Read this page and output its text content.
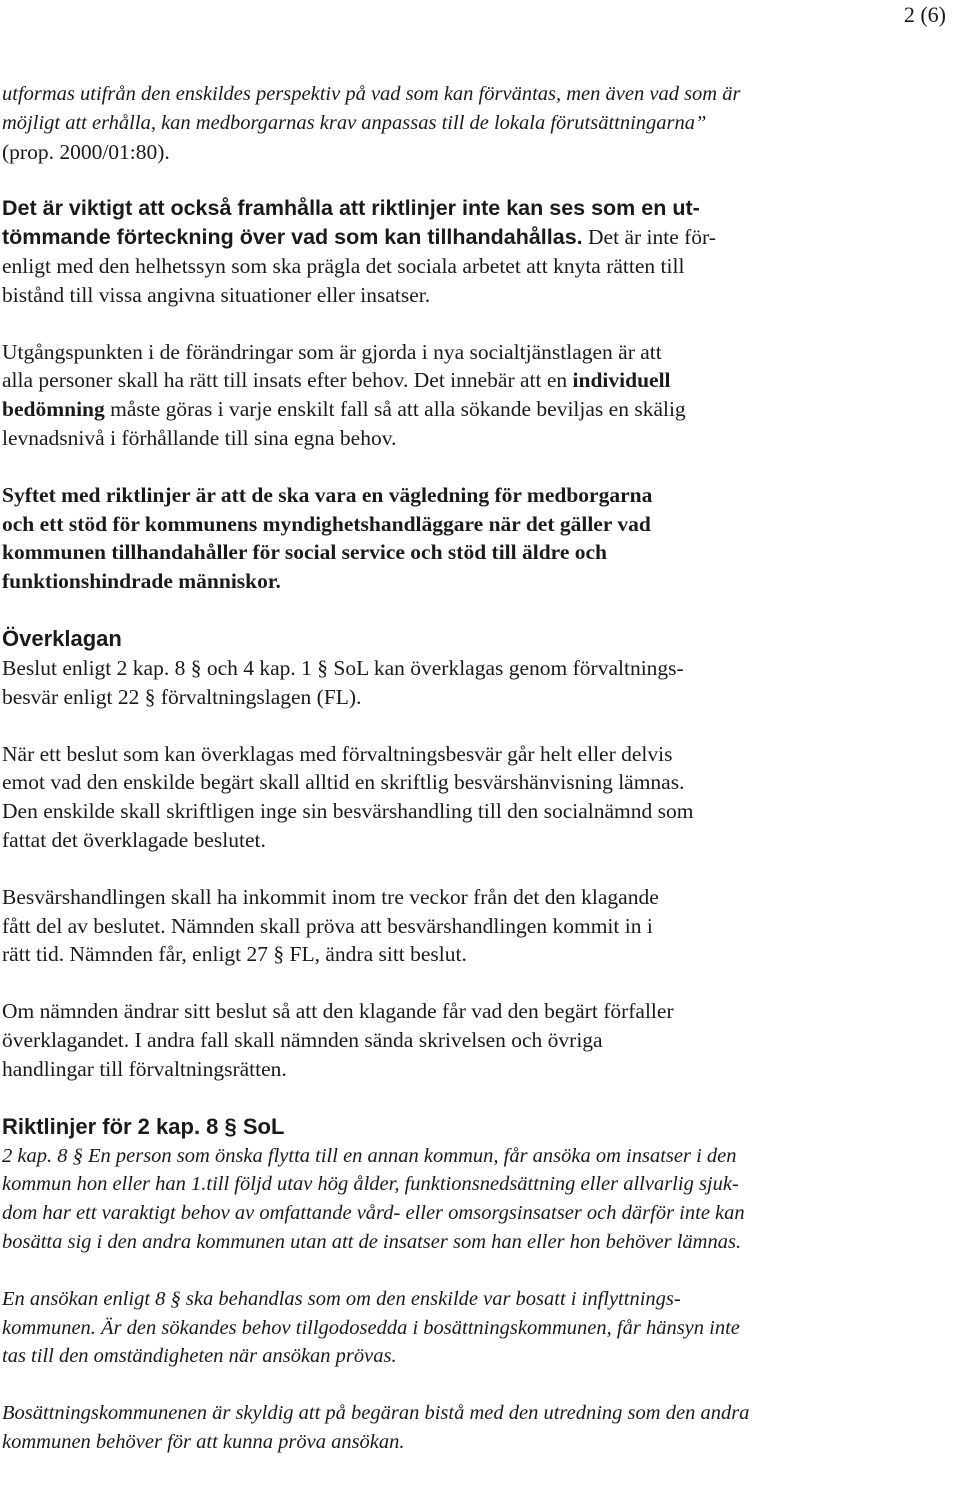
2 (6)
utformas utifrån den enskildes perspektiv på vad som kan förväntas, men även vad som är
möjligt att erhålla, kan medborgarnas krav anpassas till de lokala förutsättningarna”
(prop. 2000/01:80).
Det är viktigt att också framhålla att riktlinjer inte kan ses som en ut-
tömmande förteckning över vad som kan tillhandahållas. Det är inte för-
enligt med den helhetssyn som ska prägla det sociala arbetet att knyta rätten till
bistånd till vissa angivna situationer eller insatser.
Utgångspunkten i de förändringar som är gjorda i nya socialtjänstlagen är att
alla personer skall ha rätt till insats efter behov. Det innebär att en individuell
bedömning måste göras i varje enskilt fall så att alla sökande beviljas en skälig
levnadsnivå i förhållande till sina egna behov.
Syftet med riktlinjer är att de ska vara en vägledning för medborgarna
och ett stöd för kommunens myndighetshandläggare när det gäller vad
kommunen tillhandahåller för social service och stöd till äldre och
funktionshindrade människor.
Överklagan
Beslut enligt 2 kap. 8 § och 4 kap. 1 § SoL kan överklagas genom förvaltnings-
besvär enligt 22 § förvaltningslagen (FL).
När ett beslut som kan överklagas med förvaltningsbesvär går helt eller delvis
emot vad den enskilde begärt skall alltid en skriftlig besvärshänvisning lämnas.
Den enskilde skall skriftligen inge sin besvärshandling till den socialnämnd som
fattat det överklagade beslutet.
Besvärshandlingen skall ha inkommit inom tre veckor från det den klagande
fått del av beslutet. Nämnden skall pröva att besvärshandlingen kommit in i
rätt tid. Nämnden får, enligt 27 § FL, ändra sitt beslut.
Om nämnden ändrar sitt beslut så att den klagande får vad den begärt förfaller
överklagandet. I andra fall skall nämnden sända skrivelsen och övriga
handlingar till förvaltningsrätten.
Riktlinjer för 2 kap. 8 § SoL
2 kap. 8 § En person som önska flytta till en annan kommun, får ansöka om insatser i den
kommun hon eller han 1.till följd utav hög ålder, funktionsnedsättning eller allvarlig sjuk-
dom har ett varaktigt behov av omfattande vård- eller omsorgsinsatser och därför inte kan
bosätta sig i den andra kommunen utan att de insatser som han eller hon behöver lämnas.
En ansökan enligt 8 § ska behandlas som om den enskilde var bosatt i inflyttnings-
kommunen. Är den sökandes behov tillgodosedda i bosättningskommunen, får hänsyn inte
tas till den omständigheten när ansökan prövas.
Bosättningskommunenen är skyldig att på begäran bistå med den utredning som den andra
kommunen behöver för att kunna pröva ansökan.
